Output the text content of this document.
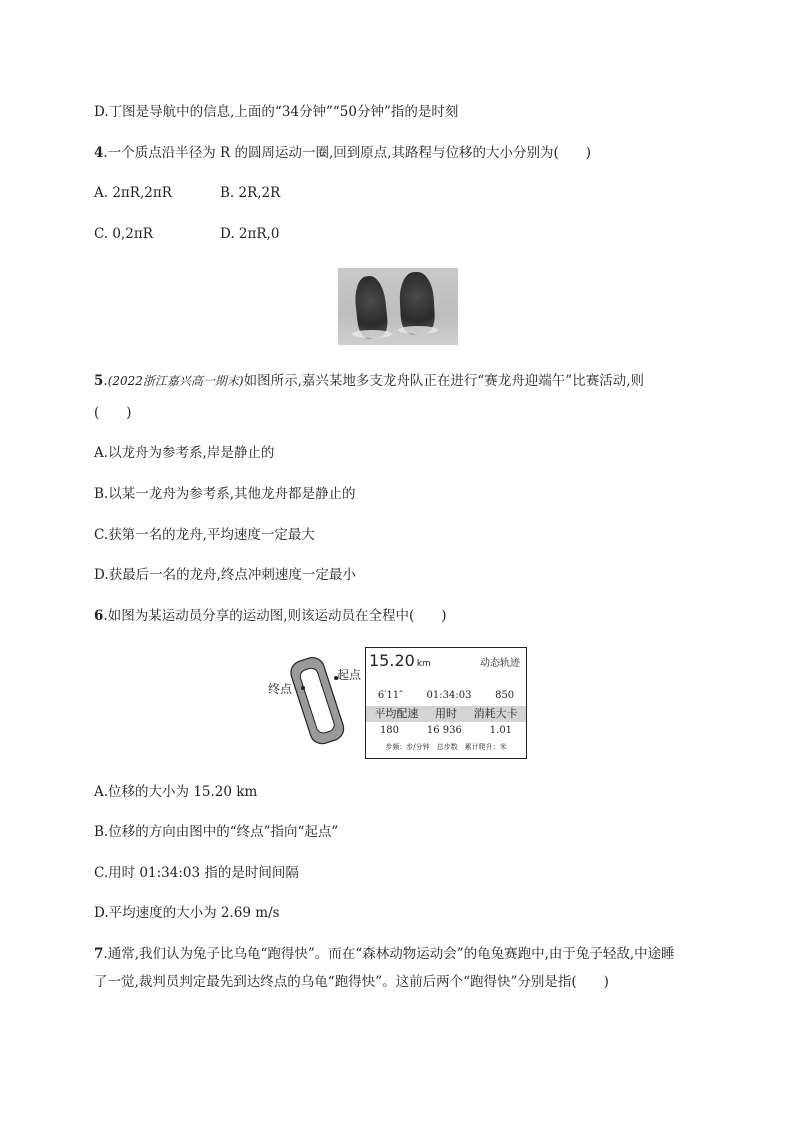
D.丁图是导航中的信息,上面的“34分钟”“50分钟”指的是时刻
4.一个质点沿半径为 R 的圆周运动一圈,回到原点,其路程与位移的大小分别为(　　)
A. 2πR,2πR	B. 2R,2R
C. 0,2πR	D. 2πR,0
5.(2022浙江嘉兴高一期末)如图所示,嘉兴某地多支龙舟队正在进行“赛龙舟迎端午”比赛活动,则
(　　)
A.以龙舟为参考系,岸是静止的
B.以某一龙舟为参考系,其他龙舟都是静止的
C.获第一名的龙舟,平均速度一定最大
D.获最后一名的龙舟,终点冲刺速度一定最小
6.如图为某运动员分享的运动图,则该运动员在全程中(　　)
终点
起点
15.20 km	动态轨迹
6′11″ 01:34:03 850
平均配速 用时 消耗大卡
180	16 936	1.01
步频：步/分钟　总步数　累计爬升：米
A.位移的大小为 15.20 km
B.位移的方向由图中的“终点”指向“起点”
C.用时 01:34:03 指的是时间间隔
D.平均速度的大小为 2.69 m/s
7.通常,我们认为兔子比乌龟“跑得快”。而在“森林动物运动会”的龟兔赛跑中,由于兔子轻敌,中途睡
了一觉,裁判员判定最先到达终点的乌龟“跑得快”。这前后两个“跑得快”分别是指(　　)
